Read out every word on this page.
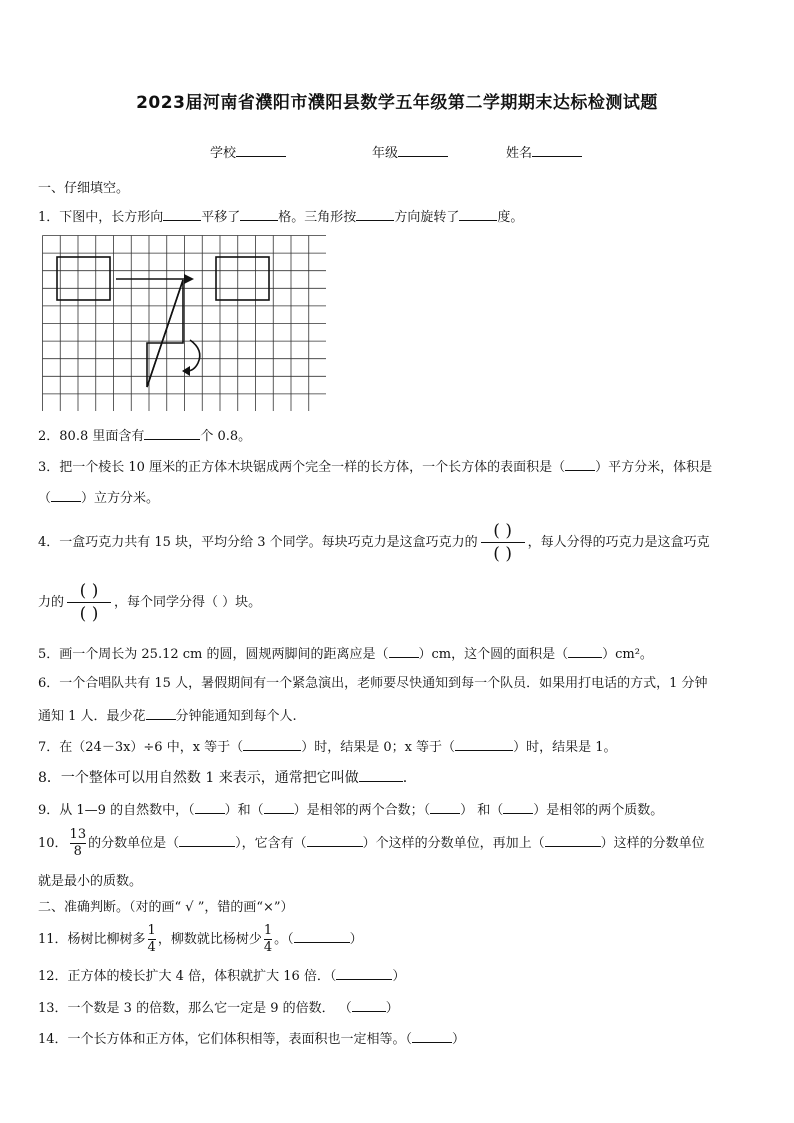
2023届河南省濮阳市濮阳县数学五年级第二学期期末达标检测试题
学校	年级	姓名
一、仔细填空。
1．下图中，长方形向	平移了	格。三角形按	方向旋转了	度。
2．80.8 里面含有	个 0.8。
3．把一个棱长 10 厘米的正方体木块锯成两个完全一样的长方体，一个长方体的表面积是（ ）平方分米，体积是
（ ）立方分米。
4．一盒巧克力共有 15 块，平均分给 3 个同学。每块巧克力是这盒巧克力的
( )
( )
，每人分得的巧克力是这盒巧克
力的
( )
( )
，每个同学分得（ ）块。
5．画一个周长为 25.12 cm 的圆，圆规两脚间的距离应是（ ）cm，这个圆的面积是（	）cm²。
6．一个合唱队共有 15 人，暑假期间有一个紧急演出，老师要尽快通知到每一个队员．如果用打电话的方式，1 分钟
通知 1 人．最少花 分钟能通知到每个人.
7．在（24－3x）÷6 中，x 等于（	）时，结果是 0；x 等于（	）时，结果是 1。
8．一个整体可以用自然数 1 来表示，通常把它叫做	.
9．从 1—9 的自然数中，（ ）和（ ）是相邻的两个合数；（ ） 和（ ）是相邻的两个质数。
10． $\frac{13}{8}$ 的分数单位是（	），它含有（	）个这样的分数单位，再加上（	）这样的分数单位
就是最小的质数。
二、准确判断。（对的画“ √ ”，错的画“×”）
11．杨树比柳树多 $\frac{1}{4}$ ，柳数就比杨树少 $\frac{1}{4}$ 。（	）
12．正方体的棱长扩大 4 倍，体积就扩大 16 倍．（	）
13．一个数是 3 的倍数，那么它一定是 9 的倍数． （	）
14．一个长方体和正方体，它们体积相等，表面积也一定相等。（	）
